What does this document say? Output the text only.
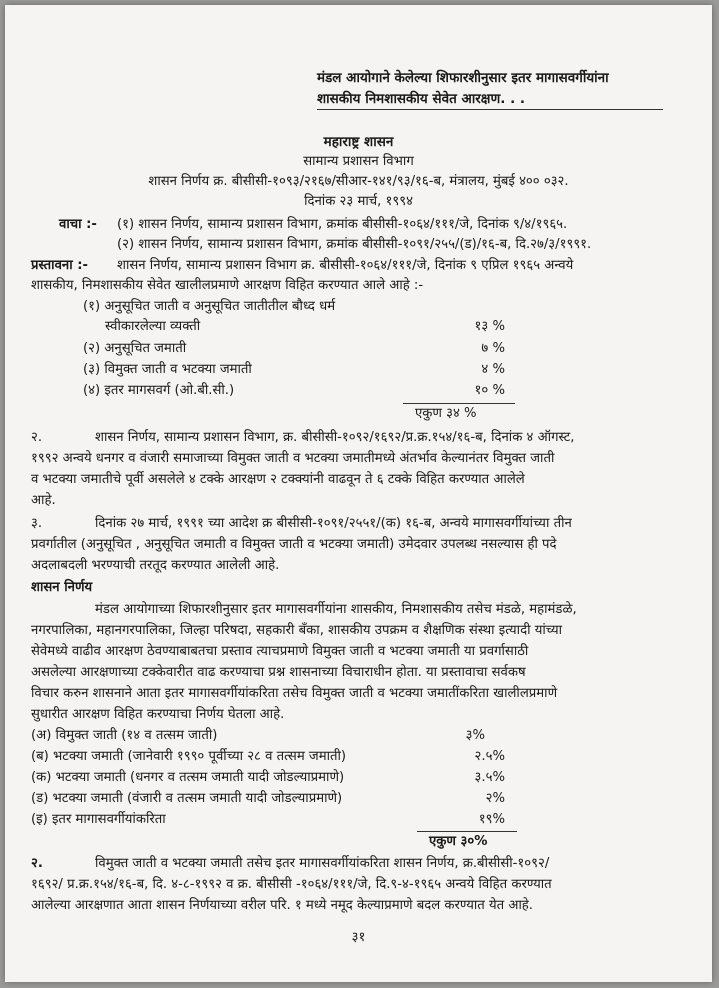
मंडल आयोगाने केलेल्या शिफारशीनुसार इतर मागासवर्गीयांना
शासकीय निमशासकीय सेवेत आरक्षण. . .
महाराष्ट्र शासन
सामान्य प्रशासन विभाग
शासन निर्णय क्र. बीसीसी-१०९३/२१६७/सीआर-१४१/९३/१६-ब, मंत्रालय, मुंबई ४०० ०३२.
दिनांक २३ मार्च, १९९४
वाचा :- (१) शासन निर्णय, सामान्य प्रशासन विभाग, क्रमांक बीसीसी-१०६४/१११/जे, दिनांक ९/४/१९६५.
(२) शासन निर्णय, सामान्य प्रशासन विभाग, क्रमांक बीसीसी-१०९१/२५५/(ड)/१६-ब, दि.२७/३/१९९१.
प्रस्तावना :- शासन निर्णय, सामान्य प्रशासन विभाग क्र. बीसीसी-१०६४/१११/जे, दिनांक ९ एप्रिल १९६५ अन्वये
शासकीय, निमशासकीय सेवेत खालीलप्रमाणे आरक्षण विहित करण्यात आले आहे :-
(१) अनुसूचित जाती व अनुसूचित जातीतील बौध्द धर्म
स्वीकारलेल्या व्यक्ती	१३ %
(२) अनुसूचित जमाती	७ %
(३) विमुक्त जाती व भटक्या जमाती	४ %
(४) इतर मागसवर्ग (ओ.बी.सी.)	१० %
एकुण ३४ %
२.	शासन निर्णय, सामान्य प्रशासन विभाग, क्र. बीसीसी-१०९२/१६९२/प्र.क्र.१५४/१६-ब, दिनांक ४ ऑगस्ट,
१९९२ अन्वये धनगर व वंजारी समाजाच्या विमुक्त जाती व भटक्या जमातीमध्ये अंतर्भाव केल्यानंतर विमुक्त जाती
व भटक्या जमातीचे पूर्वी असलेले ४ टक्के आरक्षण २ टक्क्यांनी वाढवून ते ६ टक्के विहित करण्यात आलेले
आहे.
३.	दिनांक २७ मार्च, १९९१ च्या आदेश क्र बीसीसी-१०९१/२५५१/(क) १६-ब, अन्वये मागासवर्गीयांच्या तीन
प्रवर्गातील (अनुसूचित , अनुसूचित जमाती व विमुक्त जाती व भटक्या जमाती) उमेदवार उपलब्ध नसल्यास ही पदे
अदलाबदली भरण्याची तरतूद करण्यात आलेली आहे.
शासन निर्णय
मंडल आयोगाच्या शिफारशीनुसार इतर मागासवर्गीयांना शासकीय, निमशासकीय तसेच मंडळे, महामंडळे,
नगरपालिका, महानगरपालिका, जिल्हा परिषदा, सहकारी बँका, शासकीय उपक्रम व शैक्षणिक संस्था इत्यादी यांच्या
सेवेमध्ये वाढीव आरक्षण ठेवण्याबाबतचा प्रस्ताव त्याचप्रमाणे विमुक्त जाती व भटक्या जमाती या प्रवर्गासाठी
असलेल्या आरक्षणाच्या टक्केवारीत वाढ करण्याचा प्रश्न शासनाच्या विचाराधीन होता. या प्रस्तावाचा सर्वकष
विचार करुन शासनाने आता इतर मागासवर्गीयांकरिता तसेच विमुक्त जाती व भटक्या जमातींकरिता खालीलप्रमाणे
सुधारीत आरक्षण विहित करण्याचा निर्णय घेतला आहे.
(अ) विमुक्त जाती (१४ व तत्सम जाती)	३%
(ब) भटक्या जमाती (जानेवारी १९९० पूर्वीच्या २८ व तत्सम जमाती)	२.५%
(क) भटक्या जमाती (धनगर व तत्सम जमाती यादी जोडल्याप्रमाणे)	३.५%
(ड) भटक्या जमाती (वंजारी व तत्सम जमाती यादी जोडल्याप्रमाणे)	२%
(इ) इतर मागासवर्गीयांकरिता	१९%
एकुण ३०%
२.	विमुक्त जाती व भटक्या जमाती तसेच इतर मागासवर्गीयांकरिता शासन निर्णय, क्र.बीसीसी-१०९२/
१६९२/ प्र.क्र.१५४/१६-ब, दि. ४-८-१९९२ व क्र. बीसीसी -१०६४/१११/जे, दि.९-४-१९६५ अन्वये विहित करण्यात
आलेल्या आरक्षणात आता शासन निर्णयाच्या वरील परि. १ मध्ये नमूद केल्याप्रमाणे बदल करण्यात येत आहे.
३१
